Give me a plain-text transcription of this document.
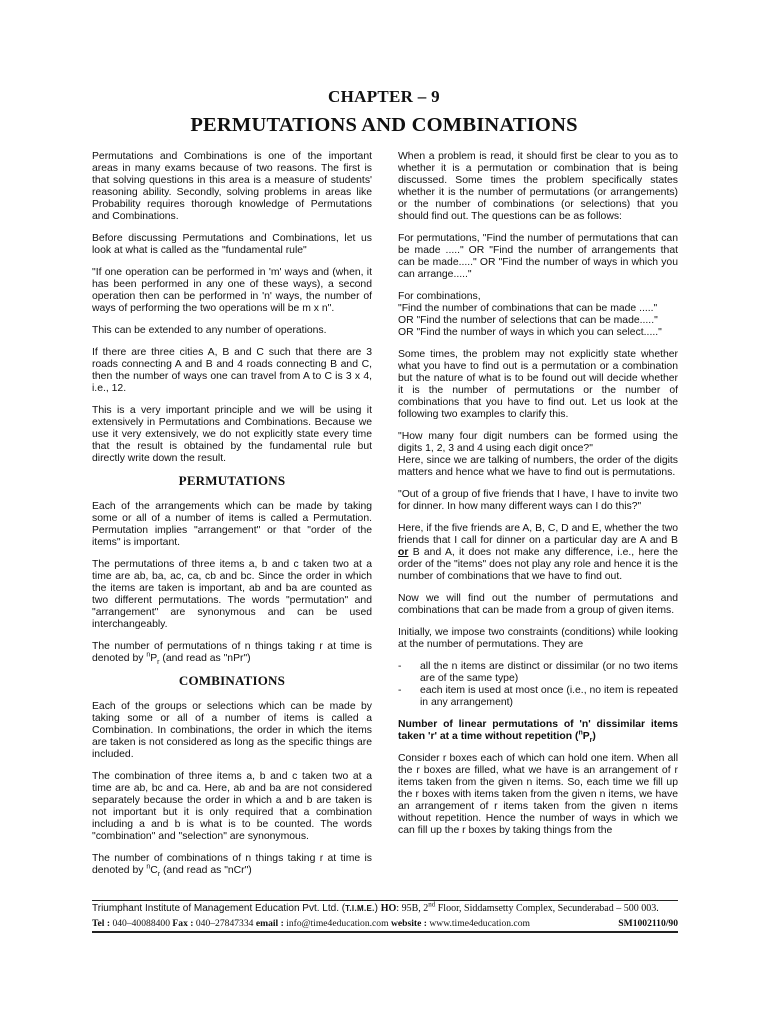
CHAPTER – 9
PERMUTATIONS AND COMBINATIONS

Permutations and Combinations is one of the important areas in many exams because of two reasons. The first is that solving questions in this area is a measure of students' reasoning ability. Secondly, solving problems in areas like Probability requires thorough knowledge of Permutations and Combinations.

Before discussing Permutations and Combinations, let us look at what is called as the "fundamental rule"

"If one operation can be performed in 'm' ways and (when, it has been performed in any one of these ways), a second operation then can be performed in 'n' ways, the number of ways of performing the two operations will be m x n".

This can be extended to any number of operations.

If there are three cities A, B and C such that there are 3 roads connecting A and B and 4 roads connecting B and C, then the number of ways one can travel from A to C is 3 x 4, i.e., 12.

This is a very important principle and we will be using it extensively in Permutations and Combinations. Because we use it very extensively, we do not explicitly state every time that the result is obtained by the fundamental rule but directly write down the result.

PERMUTATIONS

Each of the arrangements which can be made by taking some or all of a number of items is called a Permutation. Permutation implies "arrangement" or that "order of the items" is important.

The permutations of three items a, b and c taken two at a time are ab, ba, ac, ca, cb and bc. Since the order in which the items are taken is important, ab and ba are counted as two different permutations. The words "permutation" and "arrangement" are synonymous and can be used interchangeably.

The number of permutations of n things taking r at time is denoted by $^nP_r$ (and read as "nPr")

COMBINATIONS

Each of the groups or selections which can be made by taking some or all of a number of items is called a Combination. In combinations, the order in which the items are taken is not considered as long as the specific things are included.

The combination of three items a, b and c taken two at a time are ab, bc and ca. Here, ab and ba are not considered separately because the order in which a and b are taken is not important but it is only required that a combination including a and b is what is to be counted. The words "combination" and "selection" are synonymous.

The number of combinations of n things taking r at time is denoted by $^nC_r$ (and read as "nCr")

When a problem is read, it should first be clear to you as to whether it is a permutation or combination that is being discussed. Some times the problem specifically states whether it is the number of permutations (or arrangements) or the number of combinations (or selections) that you should find out. The questions can be as follows:

For permutations, "Find the number of permutations that can be made ....." OR "Find the number of arrangements that can be made....." OR "Find the number of ways in which you can arrange....."

For combinations,
"Find the number of combinations that can be made ....."
OR "Find the number of selections that can be made....."
OR "Find the number of ways in which you can select....."

Some times, the problem may not explicitly state whether what you have to find out is a permutation or a combination but the nature of what is to be found out will decide whether it is the number of permutations or the number of combinations that you have to find out. Let us look at the following two examples to clarify this.

"How many four digit numbers can be formed using the digits 1, 2, 3 and 4 using each digit once?"
Here, since we are talking of numbers, the order of the digits matters and hence what we have to find out is permutations.

"Out of a group of five friends that I have, I have to invite two for dinner. In how many different ways can I do this?"

Here, if the five friends are A, B, C, D and E, whether the two friends that I call for dinner on a particular day are A and B or B and A, it does not make any difference, i.e., here the order of the "items" does not play any role and hence it is the number of combinations that we have to find out.

Now we will find out the number of permutations and combinations that can be made from a group of given items.

Initially, we impose two constraints (conditions) while looking at the number of permutations. They are

- all the n items are distinct or dissimilar (or no two items are of the same type)
- each item is used at most once (i.e., no item is repeated in any arrangement)

Number of linear permutations of 'n' dissimilar items taken 'r' at a time without repetition $(^nP_r)$

Consider r boxes each of which can hold one item. When all the r boxes are filled, what we have is an arrangement of r items taken from the given n items. So, each time we fill up the r boxes with items taken from the given n items, we have an arrangement of r items taken from the given n items without repetition. Hence the number of ways in which we can fill up the r boxes by taking things from the

Triumphant Institute of Management Education Pvt. Ltd. (T.I.M.E.) HO: 95B, 2nd Floor, Siddamsetty Complex, Secunderabad – 500 003.
Tel : 040–40088400 Fax : 040–27847334 email : info@time4education.com website : www.time4education.com	SM1002110/90
